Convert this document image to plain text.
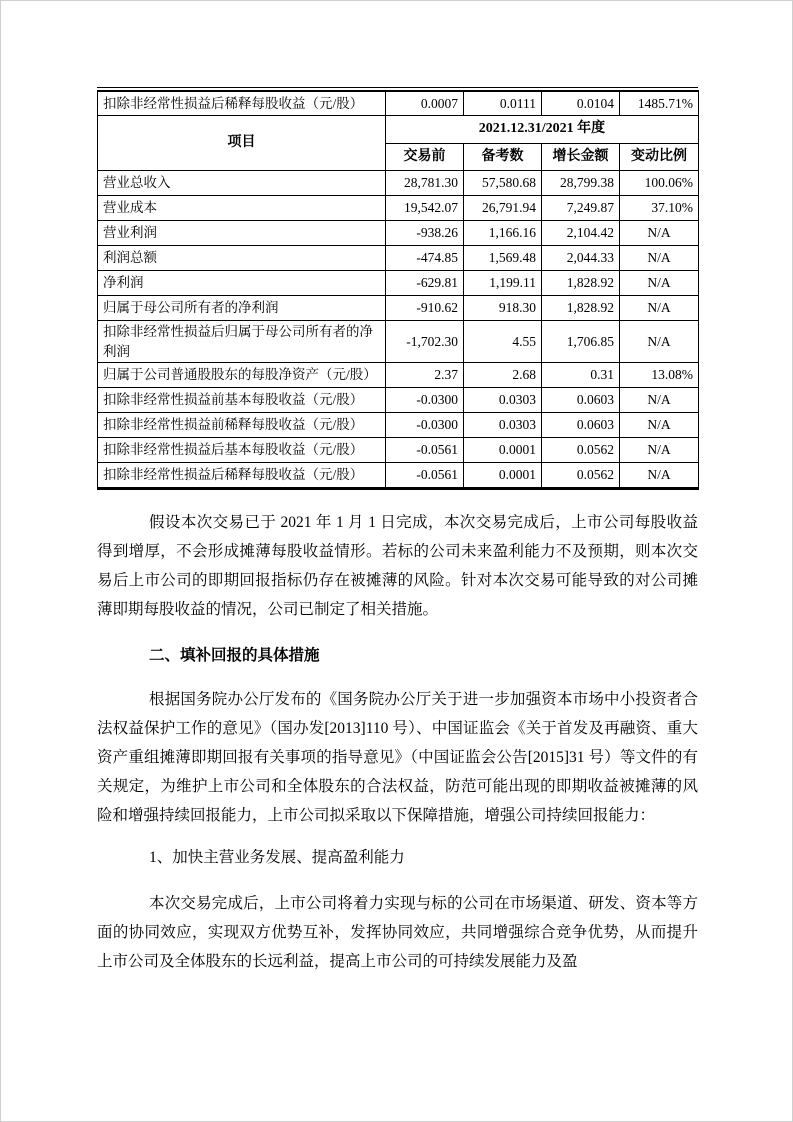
扣除非经常性损益后稀释每股收益（元/股）	0.0007	0.0111	0.0104	1485.71%
项目	2021.12.31/2021 年度			
	交易前	备考数	增长金额	变动比例
营业总收入	28,781.30	57,580.68	28,799.38	100.06%
营业成本	19,542.07	26,791.94	7,249.87	37.10%
营业利润	-938.26	1,166.16	2,104.42	N/A
利润总额	-474.85	1,569.48	2,044.33	N/A
净利润	-629.81	1,199.11	1,828.92	N/A
归属于母公司所有者的净利润	-910.62	918.30	1,828.92	N/A
扣除非经常性损益后归属于母公司所有者的净利润	-1,702.30	4.55	1,706.85	N/A
归属于公司普通股股东的每股净资产（元/股）	2.37	2.68	0.31	13.08%
扣除非经常性损益前基本每股收益（元/股）	-0.0300	0.0303	0.0603	N/A
扣除非经常性损益前稀释每股收益（元/股）	-0.0300	0.0303	0.0603	N/A
扣除非经常性损益后基本每股收益（元/股）	-0.0561	0.0001	0.0562	N/A
扣除非经常性损益后稀释每股收益（元/股）	-0.0561	0.0001	0.0562	N/A

假设本次交易已于 2021 年 1 月 1 日完成，本次交易完成后，上市公司每股收益得到增厚，不会形成摊薄每股收益情形。若标的公司未来盈利能力不及预期，则本次交易后上市公司的即期回报指标仍存在被摊薄的风险。针对本次交易可能导致的对公司摊薄即期每股收益的情况，公司已制定了相关措施。

二、填补回报的具体措施

根据国务院办公厅发布的《国务院办公厅关于进一步加强资本市场中小投资者合法权益保护工作的意见》（国办发[2013]110 号）、中国证监会《关于首发及再融资、重大资产重组摊薄即期回报有关事项的指导意见》（中国证监会公告[2015]31 号）等文件的有关规定，为维护上市公司和全体股东的合法权益，防范可能出现的即期收益被摊薄的风险和增强持续回报能力，上市公司拟采取以下保障措施，增强公司持续回报能力：

1、加快主营业务发展、提高盈利能力

本次交易完成后，上市公司将着力实现与标的公司在市场渠道、研发、资本等方面的协同效应，实现双方优势互补，发挥协同效应，共同增强综合竞争优势，从而提升上市公司及全体股东的长远利益，提高上市公司的可持续发展能力及盈
